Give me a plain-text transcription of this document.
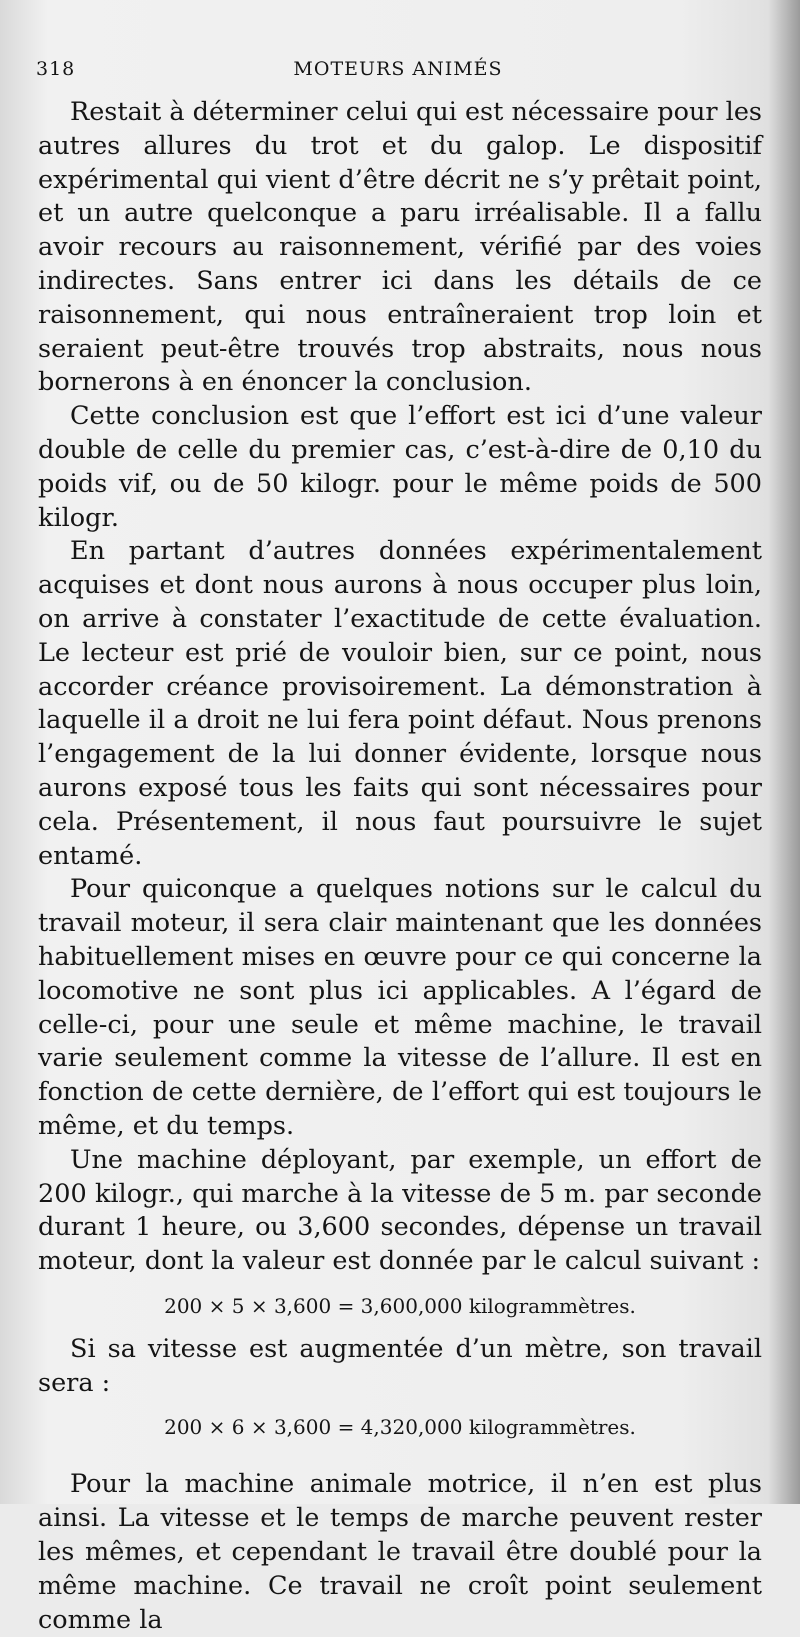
318	MOTEURS ANIMÉS

Restait à déterminer celui qui est nécessaire pour les autres allures du trot et du galop. Le dispositif expérimental qui vient d’être décrit ne s’y prêtait point, et un autre quelconque a paru irréalisable. Il a fallu avoir recours au raisonnement, vérifié par des voies indirectes. Sans entrer ici dans les détails de ce raisonnement, qui nous entraîneraient trop loin et seraient peut-être trouvés trop abstraits, nous nous bornerons à en énoncer la conclusion.

Cette conclusion est que l’effort est ici d’une valeur double de celle du premier cas, c’est-à-dire de 0,10 du poids vif, ou de 50 kilogr. pour le même poids de 500 kilogr.

En partant d’autres données expérimentalement acquises et dont nous aurons à nous occuper plus loin, on arrive à constater l’exactitude de cette évaluation. Le lecteur est prié de vouloir bien, sur ce point, nous accorder créance provisoirement. La démonstration à laquelle il a droit ne lui fera point défaut. Nous prenons l’engagement de la lui donner évidente, lorsque nous aurons exposé tous les faits qui sont nécessaires pour cela. Présentement, il nous faut poursuivre le sujet entamé.

Pour quiconque a quelques notions sur le calcul du travail moteur, il sera clair maintenant que les données habituellement mises en œuvre pour ce qui concerne la locomotive ne sont plus ici applicables. A l’égard de celle-ci, pour une seule et même machine, le travail varie seulement comme la vitesse de l’allure. Il est en fonction de cette dernière, de l’effort qui est toujours le même, et du temps.

Une machine déployant, par exemple, un effort de 200 kilogr., qui marche à la vitesse de 5 m. par seconde durant 1 heure, ou 3,600 secondes, dépense un travail moteur, dont la valeur est donnée par le calcul suivant :

200 × 5 × 3,600 = 3,600,000 kilogrammètres.

Si sa vitesse est augmentée d’un mètre, son travail sera :

200 × 6 × 3,600 = 4,320,000 kilogrammètres.

Pour la machine animale motrice, il n’en est plus ainsi. La vitesse et le temps de marche peuvent rester les mêmes, et cependant le travail être doublé pour la même machine. Ce travail ne croît point seulement comme la
